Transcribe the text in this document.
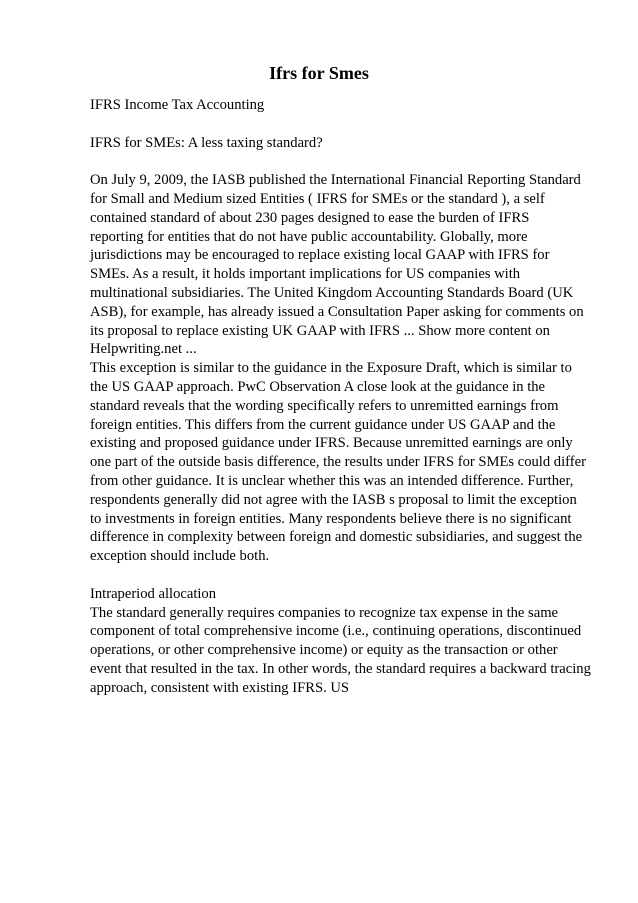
Ifrs for Smes

IFRS Income Tax Accounting

IFRS for SMEs: A less taxing standard?

On July 9, 2009, the IASB published the International Financial Reporting Standard
for Small and Medium sized Entities ( IFRS for SMEs or the standard ), a self
contained standard of about 230 pages designed to ease the burden of IFRS
reporting for entities that do not have public accountability. Globally, more
jurisdictions may be encouraged to replace existing local GAAP with IFRS for
SMEs. As a result, it holds important implications for US companies with
multinational subsidiaries. The United Kingdom Accounting Standards Board (UK
ASB), for example, has already issued a Consultation Paper asking for comments on
its proposal to replace existing UK GAAP with IFRS ... Show more content on
Helpwriting.net ...

This exception is similar to the guidance in the Exposure Draft, which is similar to
the US GAAP approach. PwC Observation A close look at the guidance in the
standard reveals that the wording specifically refers to unremitted earnings from
foreign entities. This differs from the current guidance under US GAAP and the
existing and proposed guidance under IFRS. Because unremitted earnings are only
one part of the outside basis difference, the results under IFRS for SMEs could differ
from other guidance. It is unclear whether this was an intended difference. Further,
respondents generally did not agree with the IASB s proposal to limit the exception
to investments in foreign entities. Many respondents believe there is no significant
difference in complexity between foreign and domestic subsidiaries, and suggest the
exception should include both.

Intraperiod allocation

The standard generally requires companies to recognize tax expense in the same
component of total comprehensive income (i.e., continuing operations, discontinued
operations, or other comprehensive income) or equity as the transaction or other
event that resulted in the tax. In other words, the standard requires a backward tracing
approach, consistent with existing IFRS. US
